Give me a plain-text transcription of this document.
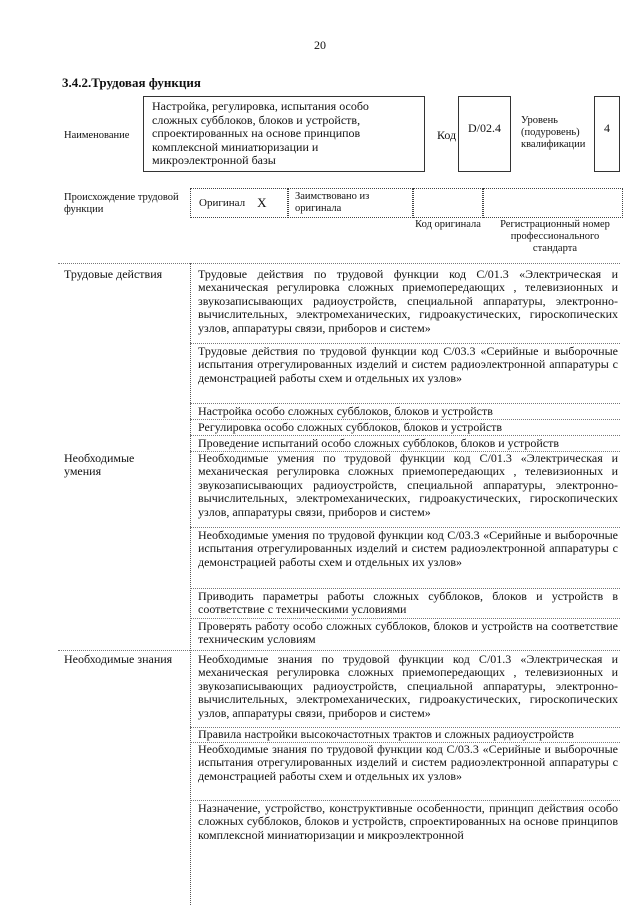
20
3.4.2.Трудовая функция
Наименование
Настройка, регулировка, испытания особо сложных субблоков, блоков и устройств, спроектированных на основе принципов комплексной миниатюризации и микроэлектронной базы
Код D/02.4
Уровень
(подуровень)
квалификации
4
Происхождение трудовой функции
Оригинал X	Заимствовано из оригинала
Код оригинала	Регистрационный номер профессионального стандарта
Трудовые действия
Необходимые умения
Необходимые знания
Трудовые действия по трудовой функции код С/01.3 «Электрическая и механическая регулировка сложных приемопередающих , телевизионных и звукозаписывающих радиоустройств, специальной аппаратуры, электронно-вычислительных, электромеханических, гидроакустических, гироскопических узлов, аппаратуры связи, приборов и систем»
Трудовые действия по трудовой функции код С/03.3 «Серийные и выборочные испытания отрегулированных изделий и систем радиоэлектронной аппаратуры с демонстрацией работы схем и отдельных их узлов»
Настройка особо сложных субблоков, блоков и устройств
Регулировка особо сложных субблоков, блоков и устройств
Проведение испытаний особо сложных субблоков, блоков и устройств
Необходимые умения по трудовой функции код С/01.3 «Электрическая и механическая регулировка сложных приемопередающих , телевизионных и звукозаписывающих радиоустройств, специальной аппаратуры, электронно-вычислительных, электромеханических, гидроакустических, гироскопических узлов, аппаратуры связи, приборов и систем»
Необходимые умения по трудовой функции код С/03.3 «Серийные и выборочные испытания отрегулированных изделий и систем радиоэлектронной аппаратуры с демонстрацией работы схем и отдельных их узлов»
Приводить параметры работы сложных субблоков, блоков и устройств в соответствие с техническими условиями
Проверять работу особо сложных субблоков, блоков и устройств на соответствие техническим условиям
Необходимые знания по трудовой функции код С/01.3 «Электрическая и механическая регулировка сложных приемопередающих , телевизионных и звукозаписывающих радиоустройств, специальной аппаратуры, электронно-вычислительных, электромеханических, гидроакустических, гироскопических узлов, аппаратуры связи, приборов и систем»
Правила настройки высокочастотных трактов и сложных радиоустройств
Необходимые знания по трудовой функции код С/03.3 «Серийные и выборочные испытания отрегулированных изделий и систем радиоэлектронной аппаратуры с демонстрацией работы схем и отдельных их узлов»
Назначение, устройство, конструктивные особенности, принцип действия особо сложных субблоков, блоков и устройств, спроектированных на основе принципов комплексной миниатюризации и микроэлектронной
